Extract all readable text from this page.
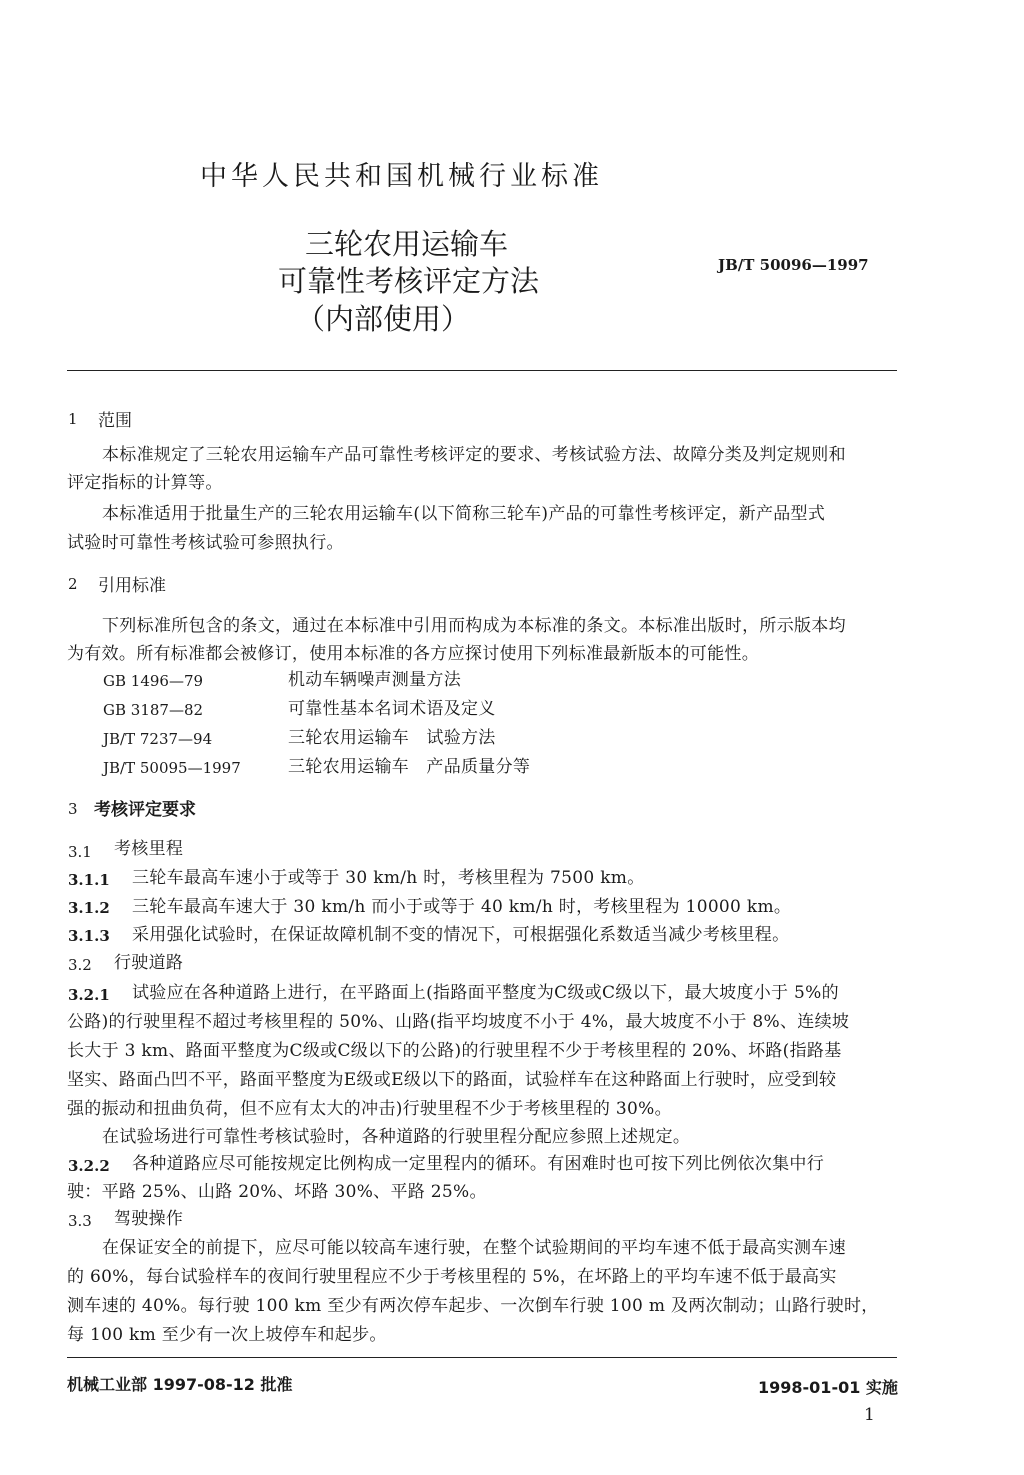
中华人民共和国机械行业标准
三轮农用运输车
可靠性考核评定方法
（内部使用）
JB/T 50096—1997
1 范围
本标准规定了三轮农用运输车产品可靠性考核评定的要求、考核试验方法、故障分类及判定规则和
评定指标的计算等。
本标准适用于批量生产的三轮农用运输车(以下简称三轮车)产品的可靠性考核评定，新产品型式
试验时可靠性考核试验可参照执行。
2 引用标准
下列标准所包含的条文，通过在本标准中引用而构成为本标准的条文。本标准出版时，所示版本均
为有效。所有标准都会被修订，使用本标准的各方应探讨使用下列标准最新版本的可能性。
GB 1496—79	机动车辆噪声测量方法
GB 3187—82	可靠性基本名词术语及定义
JB/T 7237—94	三轮农用运输车　试验方法
JB/T 50095—1997	三轮农用运输车　产品质量分等
3 考核评定要求
3.1 考核里程
3.1.1 三轮车最高车速小于或等于 30 km/h 时，考核里程为 7500 km。
3.1.2 三轮车最高车速大于 30 km/h 而小于或等于 40 km/h 时，考核里程为 10000 km。
3.1.3 采用强化试验时，在保证故障机制不变的情况下，可根据强化系数适当减少考核里程。
3.2 行驶道路
3.2.1 试验应在各种道路上进行，在平路面上(指路面平整度为C级或C级以下，最大坡度小于 5%的
公路)的行驶里程不超过考核里程的 50%、山路(指平均坡度不小于 4%，最大坡度不小于 8%、连续坡
长大于 3 km、路面平整度为C级或C级以下的公路)的行驶里程不少于考核里程的 20%、坏路(指路基
坚实、路面凸凹不平，路面平整度为E级或E级以下的路面，试验样车在这种路面上行驶时，应受到较
强的振动和扭曲负荷，但不应有太大的冲击)行驶里程不少于考核里程的 30%。
在试验场进行可靠性考核试验时，各种道路的行驶里程分配应参照上述规定。
3.2.2 各种道路应尽可能按规定比例构成一定里程内的循环。有困难时也可按下列比例依次集中行
驶：平路 25%、山路 20%、坏路 30%、平路 25%。
3.3 驾驶操作
在保证安全的前提下，应尽可能以较高车速行驶，在整个试验期间的平均车速不低于最高实测车速
的 60%，每台试验样车的夜间行驶里程应不少于考核里程的 5%，在坏路上的平均车速不低于最高实
测车速的 40%。每行驶 100 km 至少有两次停车起步、一次倒车行驶 100 m 及两次制动；山路行驶时，
每 100 km 至少有一次上坡停车和起步。
机械工业部 1997-08-12 批准	1998-01-01 实施
1
